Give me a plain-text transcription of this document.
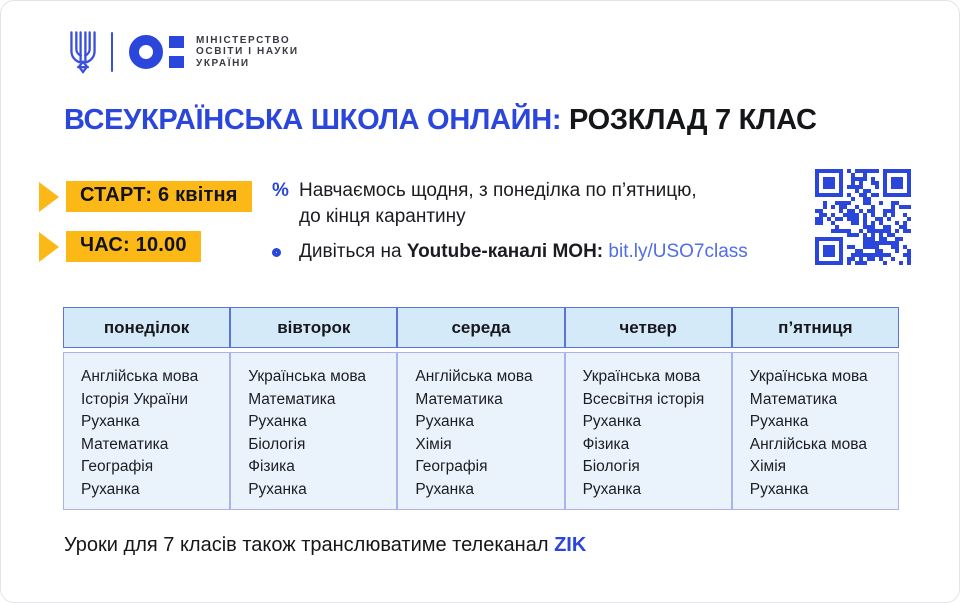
МІНІСТЕРСТВО
ОСВІТИ І НАУКИ
УКРАЇНИ
ВСЕУКРАЇНСЬКА ШКОЛА ОНЛАЙН: РОЗКЛАД 7 КЛАС
СТАРТ: 6 квітня
ЧАС: 10.00
% Навчаємось щодня, з понеділка по п’ятницю,
до кінця карантину
Дивіться на Youtube-каналі МОН: bit.ly/USO7class
понеділок
Англійська мова
Історія України
Руханка
Математика
Географія
Руханка
вівторок
Українська мова
Математика
Руханка
Біологія
Фізика
Руханка
середа
Англійська мова
Математика
Руханка
Хімія
Географія
Руханка
четвер
Українська мова
Всесвітня історія
Руханка
Фізика
Біологія
Руханка
п’ятниця
Українська мова
Математика
Руханка
Англійська мова
Хімія
Руханка

Уроки для 7 класів також транслюватиме телеканал ZIK
